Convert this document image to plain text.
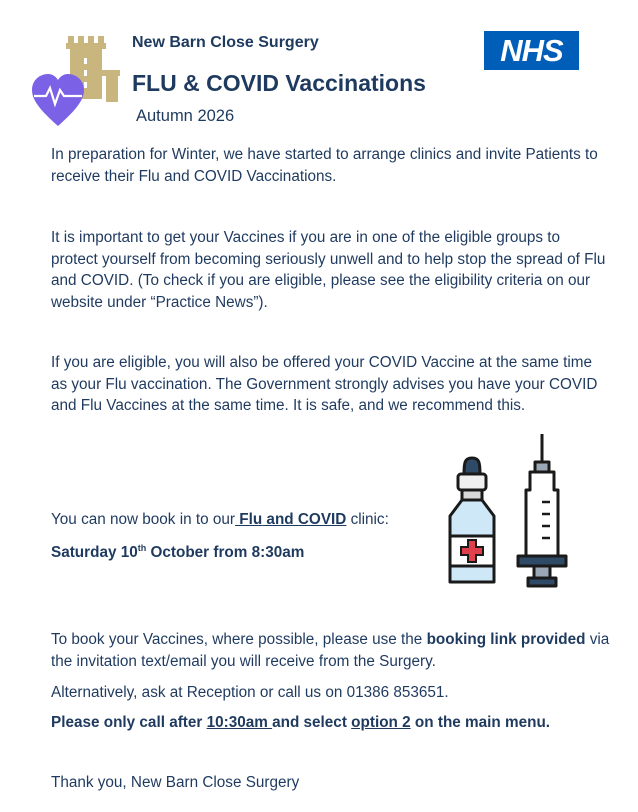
New Barn Close Surgery
FLU & COVID Vaccinations
Autumn 2026
NHS
In preparation for Winter, we have started to arrange clinics and invite Patients to receive their Flu and COVID Vaccinations.
It is important to get your Vaccines if you are in one of the eligible groups to protect yourself from becoming seriously unwell and to help stop the spread of Flu and COVID. (To check if you are eligible, please see the eligibility criteria on our website under “Practice News”).
If you are eligible, you will also be offered your COVID Vaccine at the same time as your Flu vaccination. The Government strongly advises you have your COVID and Flu Vaccines at the same time. It is safe, and we recommend this.
You can now book in to our Flu and COVID clinic:
Saturday 10th October from 8:30am
To book your Vaccines, where possible, please use the booking link provided via the invitation text/email you will receive from the Surgery.
Alternatively, ask at Reception or call us on 01386 853651.
Please only call after 10:30am and select option 2 on the main menu.
Thank you, New Barn Close Surgery
